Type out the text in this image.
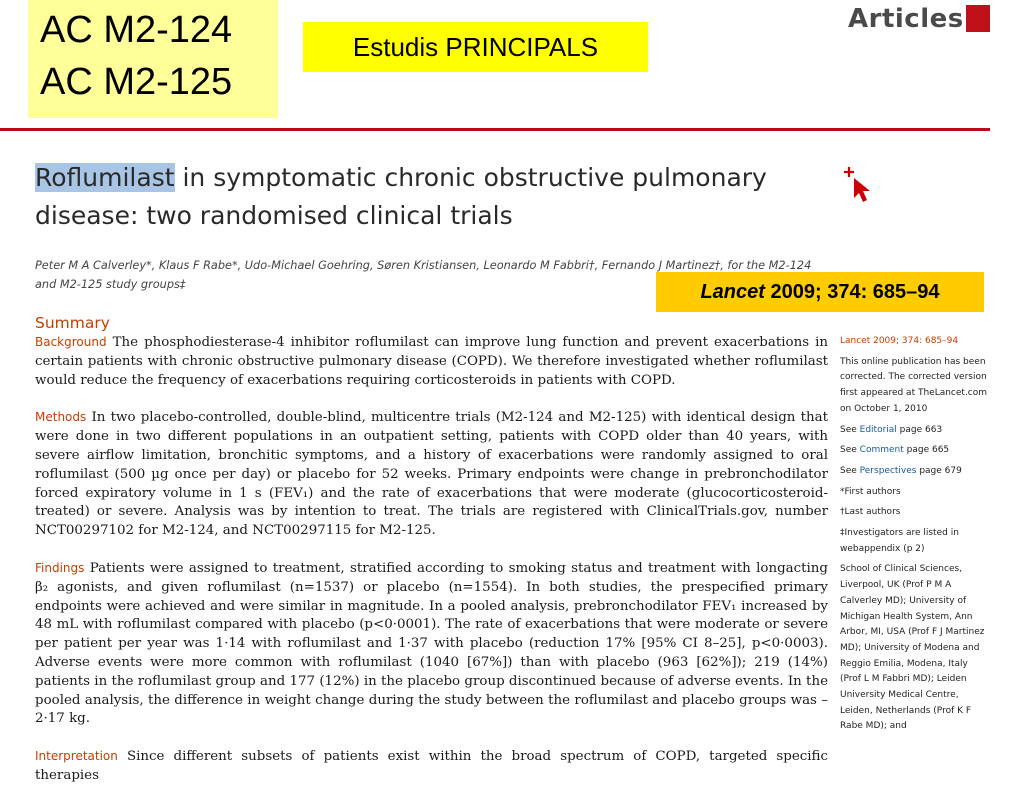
AC M2-124
AC M2-125
Estudis PRINCIPALS
Articles
Roflumilast in symptomatic chronic obstructive pulmonary disease: two randomised clinical trials
Peter M A Calverley*, Klaus F Rabe*, Udo-Michael Goehring, Søren Kristiansen, Leonardo M Fabbri†, Fernando J Martinez†, for the M2-124 and M2-125 study groups‡	Lancet 2009; 374: 685–94
Summary

Background The phosphodiesterase-4 inhibitor roflumilast can improve lung function and prevent exacerbations in certain patients with chronic obstructive pulmonary disease (COPD). We therefore investigated whether roflumilast would reduce the frequency of exacerbations requiring corticosteroids in patients with COPD.

Methods In two placebo-controlled, double-blind, multicentre trials (M2-124 and M2-125) with identical design that were done in two different populations in an outpatient setting, patients with COPD older than 40 years, with severe airflow limitation, bronchitic symptoms, and a history of exacerbations were randomly assigned to oral roflumilast (500 µg once per day) or placebo for 52 weeks. Primary endpoints were change in prebronchodilator forced expiratory volume in 1 s (FEV₁) and the rate of exacerbations that were moderate (glucocorticosteroid-treated) or severe. Analysis was by intention to treat. The trials are registered with ClinicalTrials.gov, number NCT00297102 for M2-124, and NCT00297115 for M2-125.

Findings Patients were assigned to treatment, stratified according to smoking status and treatment with longacting β₂ agonists, and given roflumilast (n=1537) or placebo (n=1554). In both studies, the prespecified primary endpoints were achieved and were similar in magnitude. In a pooled analysis, prebronchodilator FEV₁ increased by 48 mL with roflumilast compared with placebo (p<0·0001). The rate of exacerbations that were moderate or severe per patient per year was 1·14 with roflumilast and 1·37 with placebo (reduction 17% [95% CI 8–25], p<0·0003). Adverse events were more common with roflumilast (1040 [67%]) than with placebo (963 [62%]); 219 (14%) patients in the roflumilast group and 177 (12%) in the placebo group discontinued because of adverse events. In the pooled analysis, the difference in weight change during the study between the roflumilast and placebo groups was –2·17 kg.

Interpretation Since different subsets of patients exist within the broad spectrum of COPD, targeted specific therapies

Lancet 2009; 374: 685–94
This online publication has been corrected. The corrected version first appeared at TheLancet.com on October 1, 2010
See Editorial page 663
See Comment page 665
See Perspectives page 679
*First authors
†Last authors
‡Investigators are listed in webappendix (p 2)
School of Clinical Sciences, Liverpool, UK (Prof P M A Calverley MD); University of Michigan Health System, Ann Arbor, MI, USA (Prof F J Martinez MD); University of Modena and Reggio Emilia, Modena, Italy (Prof L M Fabbri MD); Leiden University Medical Centre, Leiden, Netherlands (Prof K F Rabe MD); and
